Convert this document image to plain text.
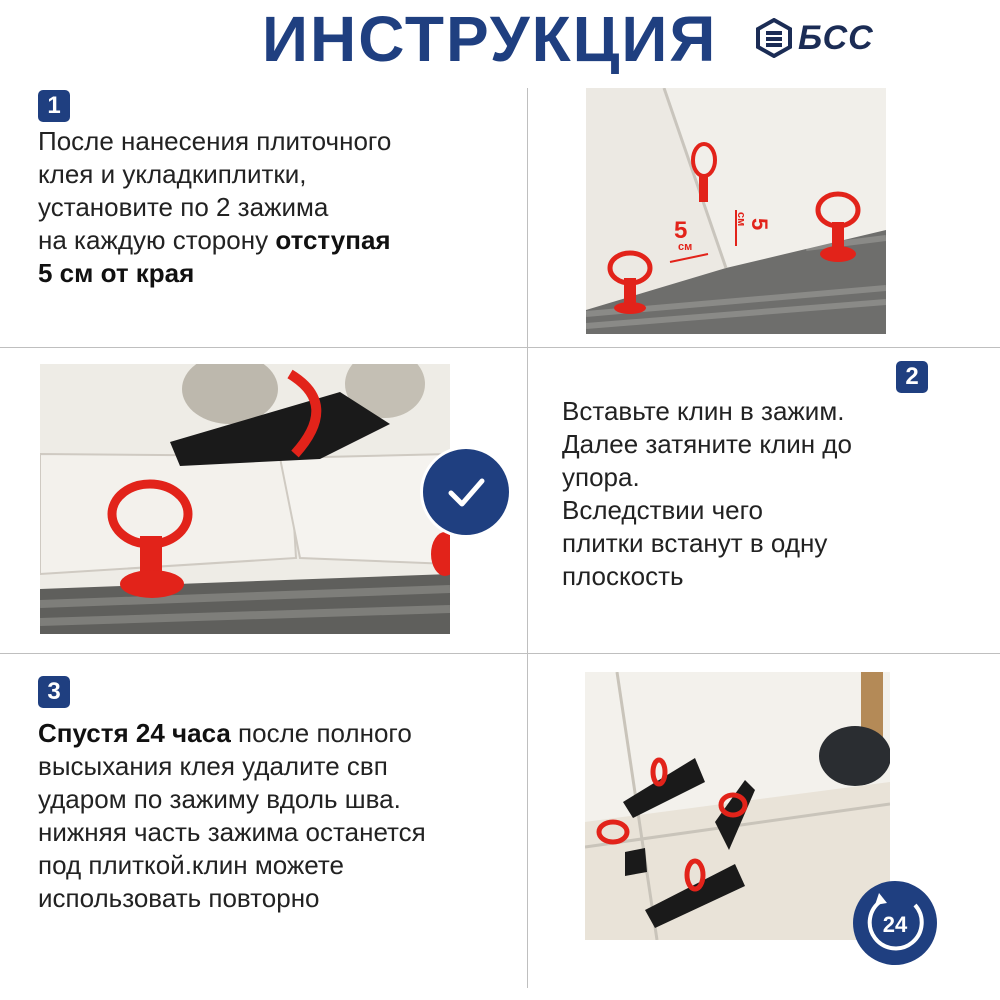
ИНСТРУКЦИЯ БСС
1
После нанесения плиточного
клея и укладкиплитки,
установите по 2 зажима
на каждую сторону отступая
5 см от края
5
см
5
см
2
Вставьте клин в зажим.
Далее затяните клин до
упора.
Вследствии чего
плитки встанут в одну
плоскость
3
Спустя 24 часа после полного
высыхания клея удалите свп
ударом по зажиму вдоль шва.
нижняя часть зажима останется
под плиткой.клин можете
использовать повторно
24
